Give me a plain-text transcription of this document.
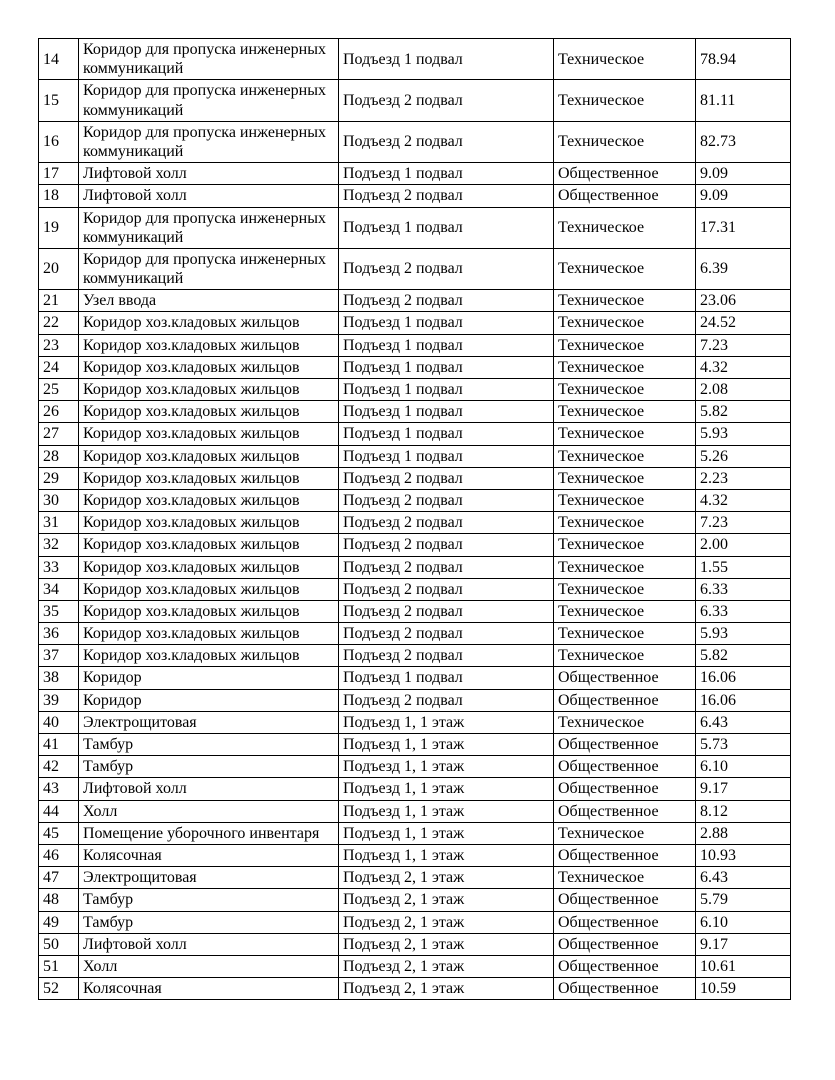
14	Коридор для пропуска инженерных коммуникаций	Подъезд 1 подвал	Техническое	78.94
15	Коридор для пропуска инженерных коммуникаций	Подъезд 2 подвал	Техническое	81.11
16	Коридор для пропуска инженерных коммуникаций	Подъезд 2 подвал	Техническое	82.73
17	Лифтовой холл	Подъезд 1 подвал	Общественное	9.09
18	Лифтовой холл	Подъезд 2 подвал	Общественное	9.09
19	Коридор для пропуска инженерных коммуникаций	Подъезд 1 подвал	Техническое	17.31
20	Коридор для пропуска инженерных коммуникаций	Подъезд 2 подвал	Техническое	6.39
21	Узел ввода	Подъезд 2 подвал	Техническое	23.06
22	Коридор хоз.кладовых жильцов	Подъезд 1 подвал	Техническое	24.52
23	Коридор хоз.кладовых жильцов	Подъезд 1 подвал	Техническое	7.23
24	Коридор хоз.кладовых жильцов	Подъезд 1 подвал	Техническое	4.32
25	Коридор хоз.кладовых жильцов	Подъезд 1 подвал	Техническое	2.08
26	Коридор хоз.кладовых жильцов	Подъезд 1 подвал	Техническое	5.82
27	Коридор хоз.кладовых жильцов	Подъезд 1 подвал	Техническое	5.93
28	Коридор хоз.кладовых жильцов	Подъезд 1 подвал	Техническое	5.26
29	Коридор хоз.кладовых жильцов	Подъезд 2 подвал	Техническое	2.23
30	Коридор хоз.кладовых жильцов	Подъезд 2 подвал	Техническое	4.32
31	Коридор хоз.кладовых жильцов	Подъезд 2 подвал	Техническое	7.23
32	Коридор хоз.кладовых жильцов	Подъезд 2 подвал	Техническое	2.00
33	Коридор хоз.кладовых жильцов	Подъезд 2 подвал	Техническое	1.55
34	Коридор хоз.кладовых жильцов	Подъезд 2 подвал	Техническое	6.33
35	Коридор хоз.кладовых жильцов	Подъезд 2 подвал	Техническое	6.33
36	Коридор хоз.кладовых жильцов	Подъезд 2 подвал	Техническое	5.93
37	Коридор хоз.кладовых жильцов	Подъезд 2 подвал	Техническое	5.82
38	Коридор	Подъезд 1 подвал	Общественное	16.06
39	Коридор	Подъезд 2 подвал	Общественное	16.06
40	Электрощитовая	Подъезд 1, 1 этаж	Техническое	6.43
41	Тамбур	Подъезд 1, 1 этаж	Общественное	5.73
42	Тамбур	Подъезд 1, 1 этаж	Общественное	6.10
43	Лифтовой холл	Подъезд 1, 1 этаж	Общественное	9.17
44	Холл	Подъезд 1, 1 этаж	Общественное	8.12
45	Помещение уборочного инвентаря	Подъезд 1, 1 этаж	Техническое	2.88
46	Колясочная	Подъезд 1, 1 этаж	Общественное	10.93
47	Электрощитовая	Подъезд 2, 1 этаж	Техническое	6.43
48	Тамбур	Подъезд 2, 1 этаж	Общественное	5.79
49	Тамбур	Подъезд 2, 1 этаж	Общественное	6.10
50	Лифтовой холл	Подъезд 2, 1 этаж	Общественное	9.17
51	Холл	Подъезд 2, 1 этаж	Общественное	10.61
52	Колясочная	Подъезд 2, 1 этаж	Общественное	10.59
